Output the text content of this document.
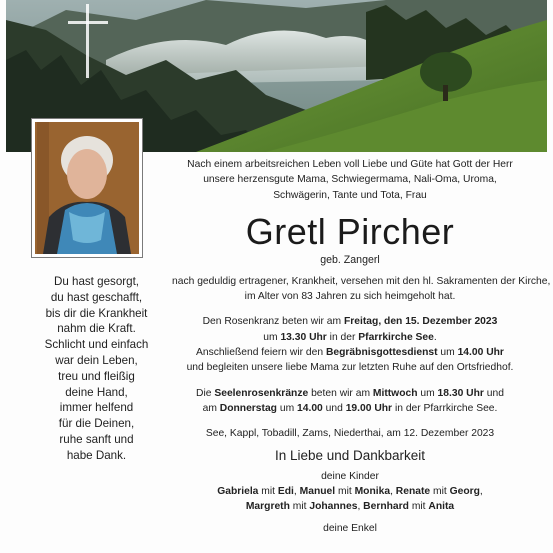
Du hast gesorgt,
du hast geschafft,
bis dir die Krankheit
nahm die Kraft.
Schlicht und einfach
war dein Leben,
treu und fleißig
deine Hand,
immer helfend
für die Deinen,
ruhe sanft und
habe Dank.
Nach einem arbeitsreichen Leben voll Liebe und Güte hat Gott der Herr
unsere herzensgute Mama, Schwiegermama, Nali-Oma, Uroma,
Schwägerin, Tante und Tota, Frau
Gretl Pircher
geb. Zangerl
nach geduldig ertragener, Krankheit, versehen mit den hl. Sakramenten der Kirche,
im Alter von 83 Jahren zu sich heimgeholt hat.
Den Rosenkranz beten wir am Freitag, den 15. Dezember 2023
um 13.30 Uhr in der Pfarrkirche See.
Anschließend feiern wir den Begräbnisgottesdienst um 14.00 Uhr
und begleiten unsere liebe Mama zur letzten Ruhe auf den Ortsfriedhof.
Die Seelenrosenkränze beten wir am Mittwoch um 18.30 Uhr und
am Donnerstag um 14.00 und 19.00 Uhr in der Pfarrkirche See.
See, Kappl, Tobadill, Zams, Niederthai, am 12. Dezember 2023
In Liebe und Dankbarkeit
deine Kinder
Gabriela mit Edi, Manuel mit Monika, Renate mit Georg,
Margreth mit Johannes, Bernhard mit Anita
deine Enkel
